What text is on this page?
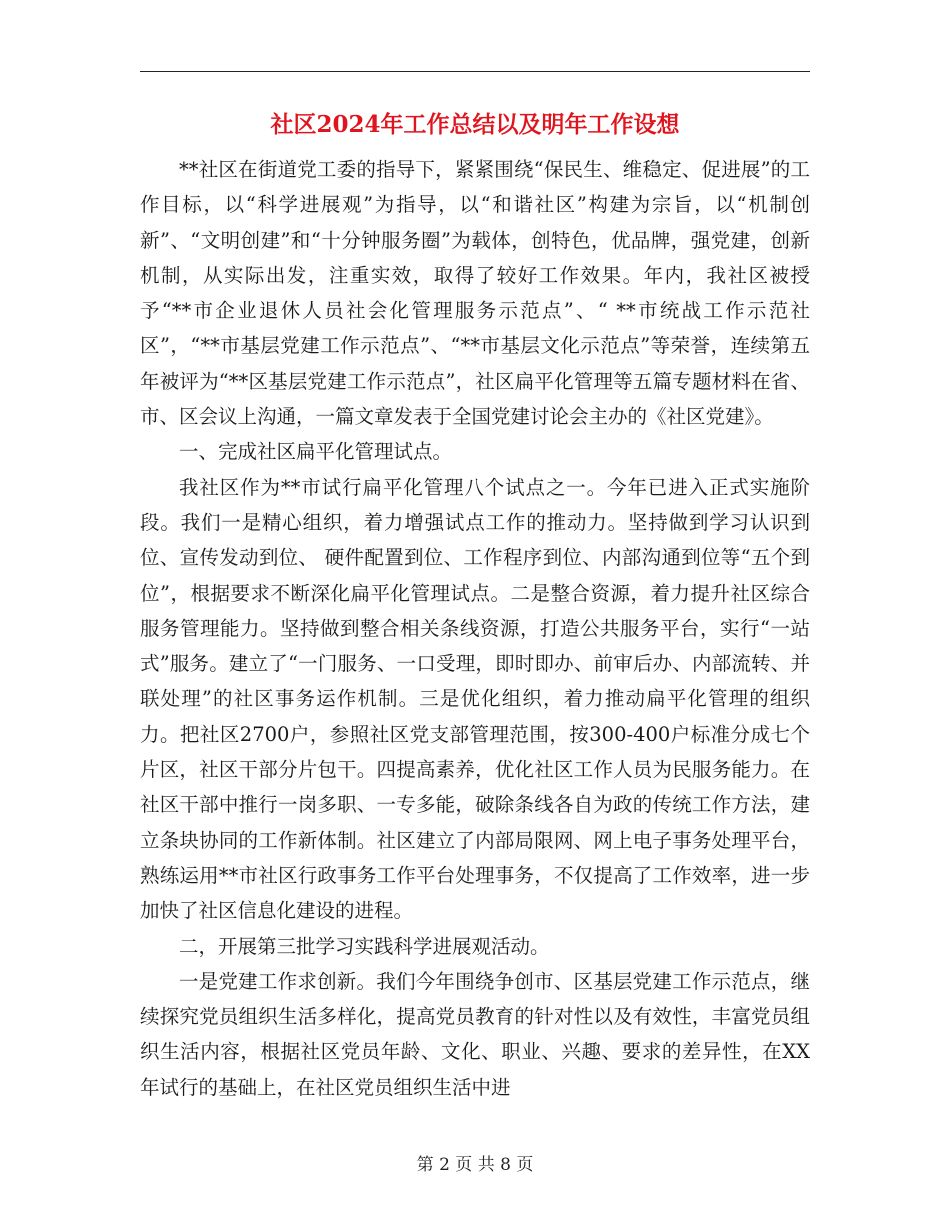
社区2024年工作总结以及明年工作设想

**社区在街道党工委的指导下，紧紧围绕“保民生、维稳定、促进展”的工作目标，以“科学进展观”为指导，以“和谐社区”构建为宗旨，以“机制创新”、“文明创建”和“十分钟服务圈”为载体，创特色，优品牌，强党建，创新机制，从实际出发，注重实效，取得了较好工作效果。年内，我社区被授予“**市企业退休人员社会化管理服务示范点”、“ **市统战工作示范社区”，“**市基层党建工作示范点”、“**市基层文化示范点”等荣誉，连续第五年被评为“**区基层党建工作示范点”，社区扁平化管理等五篇专题材料在省、市、区会议上沟通，一篇文章发表于全国党建讨论会主办的《社区党建》。

一、完成社区扁平化管理试点。

我社区作为**市试行扁平化管理八个试点之一。今年已进入正式实施阶段。我们一是精心组织，着力增强试点工作的推动力。坚持做到学习认识到位、宣传发动到位、 硬件配置到位、工作程序到位、内部沟通到位等“五个到位”，根据要求不断深化扁平化管理试点。二是整合资源，着力提升社区综合服务管理能力。坚持做到整合相关条线资源，打造公共服务平台，实行“一站式”服务。建立了“一门服务、一口受理，即时即办、前审后办、内部流转、并联处理”的社区事务运作机制。三是优化组织，着力推动扁平化管理的组织力。把社区2700户，参照社区党支部管理范围，按300-400户标准分成七个片区，社区干部分片包干。四提高素养，优化社区工作人员为民服务能力。在社区干部中推行一岗多职、一专多能，破除条线各自为政的传统工作方法，建立条块协同的工作新体制。社区建立了内部局限网、网上电子事务处理平台，熟练运用**市社区行政事务工作平台处理事务，不仅提高了工作效率，进一步加快了社区信息化建设的进程。

二，开展第三批学习实践科学进展观活动。

一是党建工作求创新。我们今年围绕争创市、区基层党建工作示范点，继续探究党员组织生活多样化，提高党员教育的针对性以及有效性，丰富党员组织生活内容，根据社区党员年龄、文化、职业、兴趣、要求的差异性，在XX年试行的基础上，在社区党员组织生活中进

第 2 页 共 8 页
